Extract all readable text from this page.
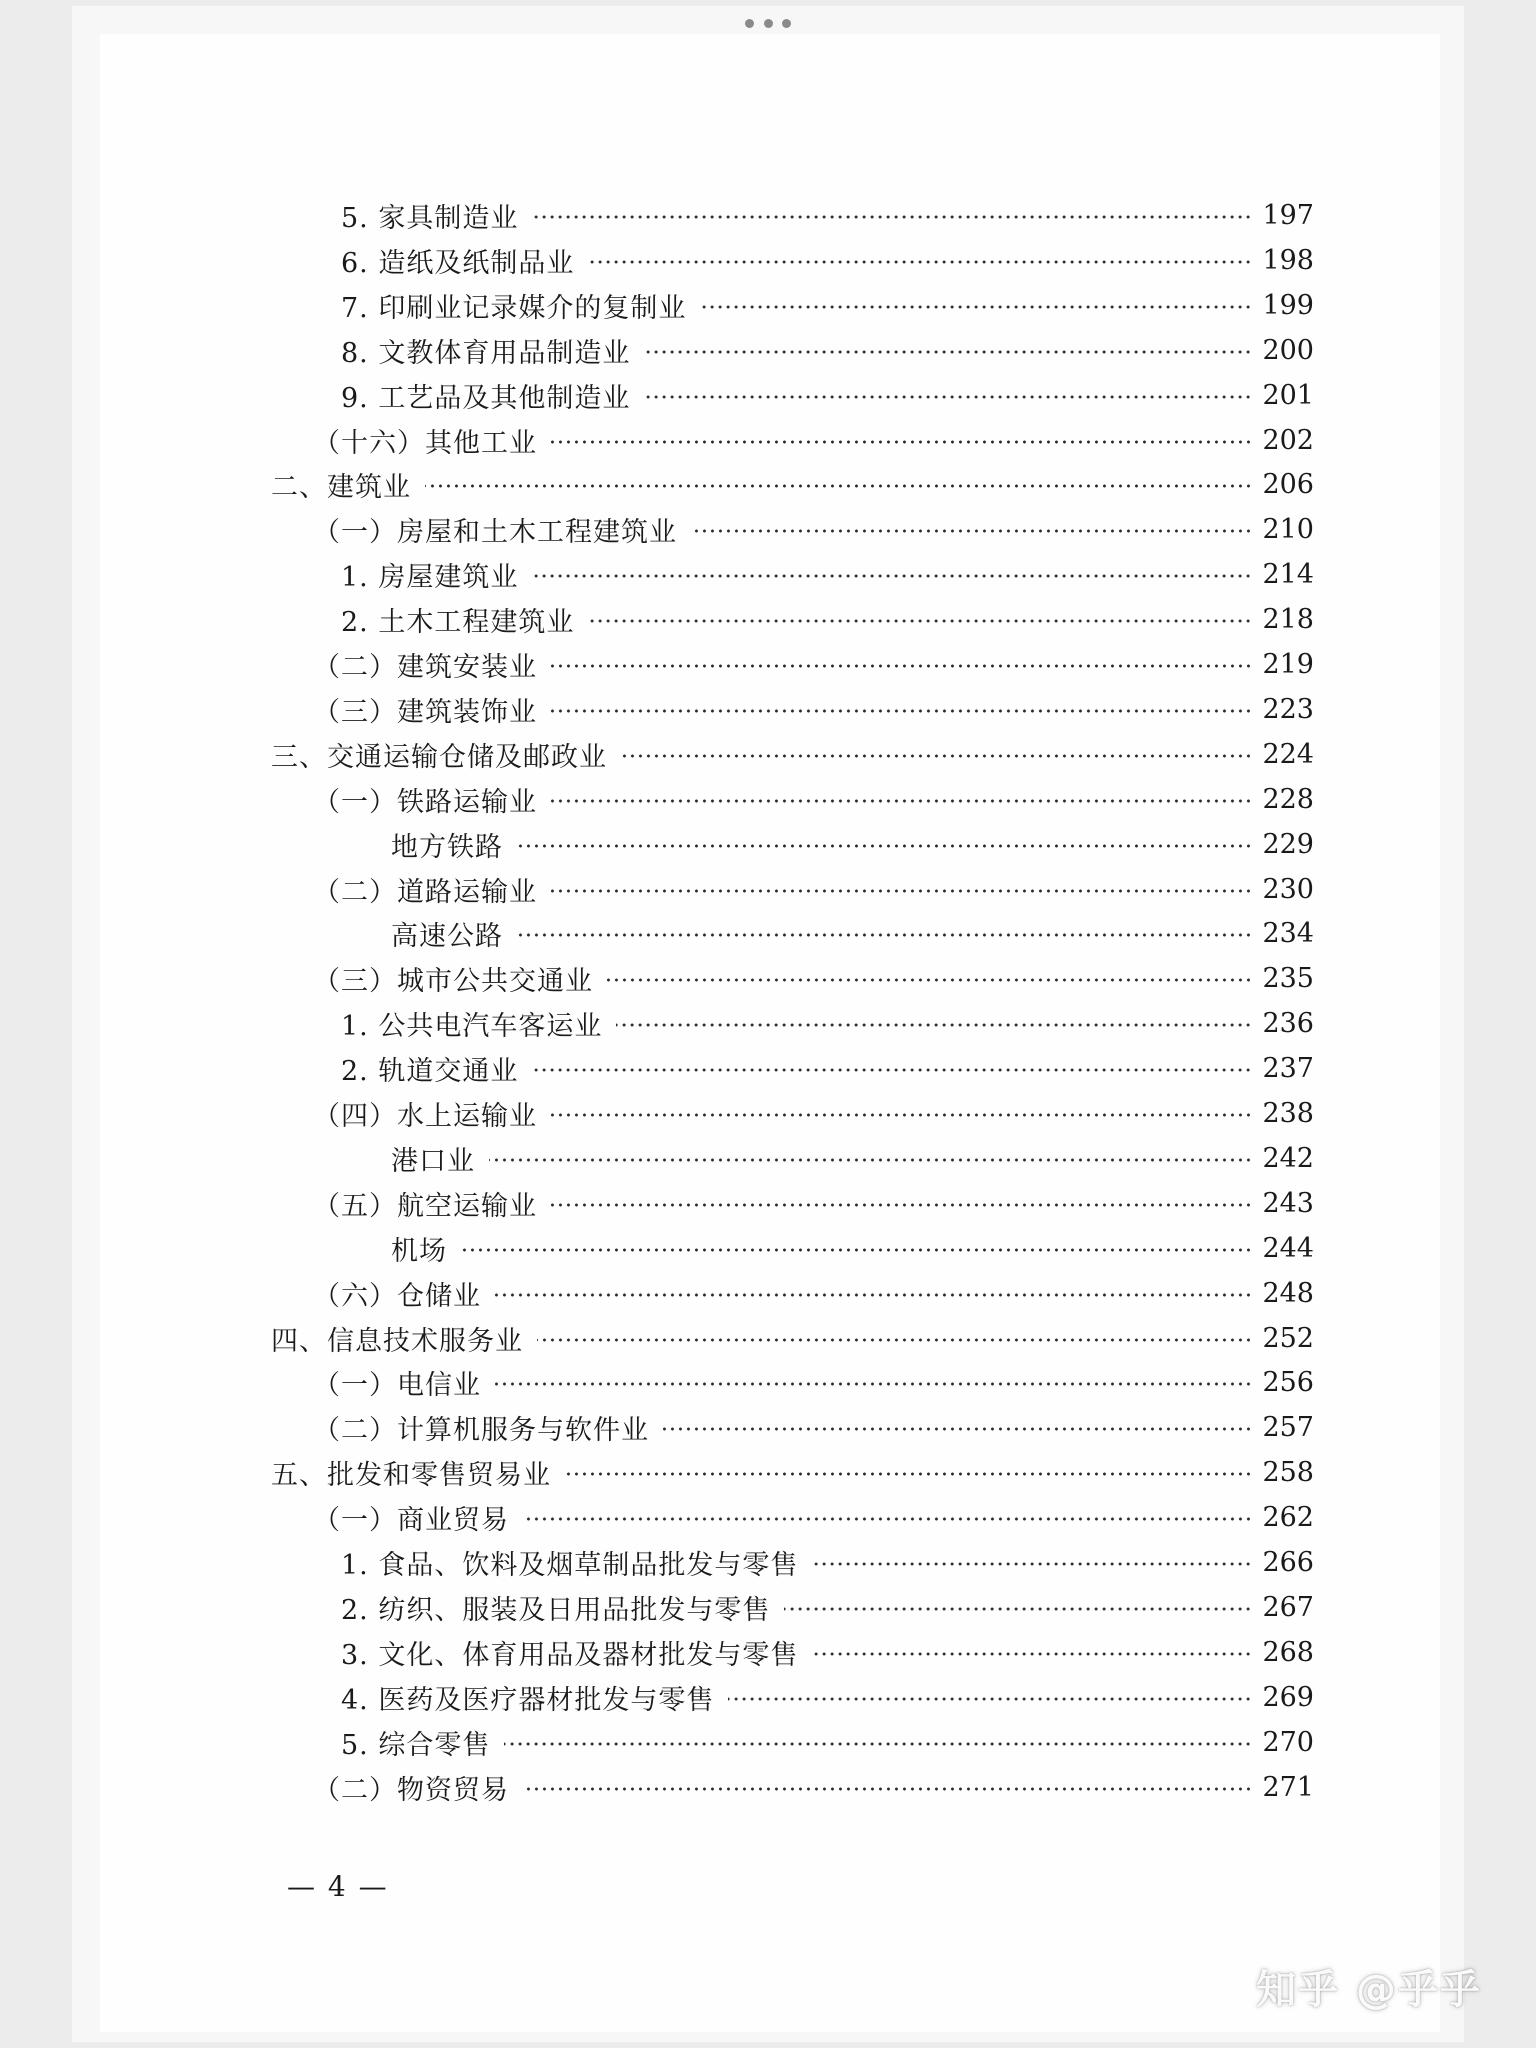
5. 家具制造业	197
6. 造纸及纸制品业	198
7. 印刷业记录媒介的复制业	199
8. 文教体育用品制造业	200
9. 工艺品及其他制造业	201
（十六）其他工业	202
二、建筑业	206
（一）房屋和土木工程建筑业	210
1. 房屋建筑业	214
2. 土木工程建筑业	218
（二）建筑安装业	219
（三）建筑装饰业	223
三、交通运输仓储及邮政业	224
（一）铁路运输业	228
地方铁路	229
（二）道路运输业	230
高速公路	234
（三）城市公共交通业	235
1. 公共电汽车客运业	236
2. 轨道交通业	237
（四）水上运输业	238
港口业	242
（五）航空运输业	243
机场	244
（六）仓储业	248
四、信息技术服务业	252
（一）电信业	256
（二）计算机服务与软件业	257
五、批发和零售贸易业	258
（一）商业贸易	262
1. 食品、饮料及烟草制品批发与零售	266
2. 纺织、服装及日用品批发与零售	267
3. 文化、体育用品及器材批发与零售	268
4. 医药及医疗器材批发与零售	269
5. 综合零售	270
（二）物资贸易	271
— 4 —
知乎 @乎乎
